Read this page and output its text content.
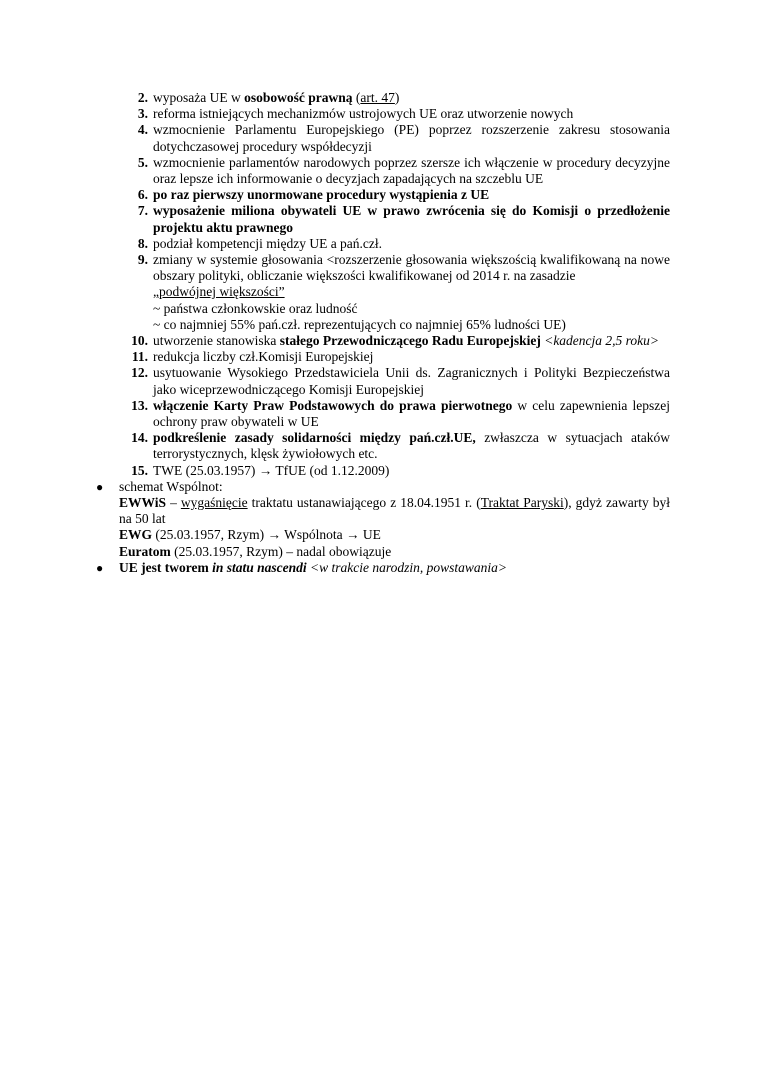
2. wyposaża UE w osobowość prawną (art. 47)
3. reforma istniejących mechanizmów ustrojowych UE oraz utworzenie nowych
4. wzmocnienie Parlamentu Europejskiego (PE) poprzez rozszerzenie zakresu stosowania dotychczasowej procedury współdecyzji
5. wzmocnienie parlamentów narodowych poprzez szersze ich włączenie w procedury decyzyjne oraz lepsze ich informowanie o decyzjach zapadających na szczeblu UE
6. po raz pierwszy unormowane procedury wystąpienia z UE
7. wyposażenie miliona obywateli UE w prawo zwrócenia się do Komisji o przedłożenie projektu aktu prawnego
8. podział kompetencji między UE a pań.czł.
9. zmiany w systemie głosowania <rozszerzenie głosowania większością kwalifikowaną na nowe obszary polityki, obliczanie większości kwalifikowanej od 2014 r. na zasadzie
„podwójnej większości”
~ państwa członkowskie oraz ludność
~ co najmniej 55% pań.czł. reprezentujących co najmniej 65% ludności UE)
10. utworzenie stanowiska stałego Przewodniczącego Radu Europejskiej <kadencja 2,5 roku>
11. redukcja liczby czł.Komisji Europejskiej
12. usytuowanie Wysokiego Przedstawiciela Unii ds. Zagranicznych i Polityki Bezpieczeństwa jako wiceprzewodniczącego Komisji Europejskiej
13. włączenie Karty Praw Podstawowych do prawa pierwotnego w celu zapewnienia lepszej ochrony praw obywateli w UE
14. podkreślenie zasady solidarności między pań.czł.UE, zwłaszcza w sytuacjach ataków terrorystycznych, klęsk żywiołowych etc.
15. TWE (25.03.1957) → TfUE (od 1.12.2009)
● schemat Wspólnot:
EWWiS – wygaśnięcie traktatu ustanawiającego z 18.04.1951 r. (Traktat Paryski), gdyż zawarty był na 50 lat
EWG (25.03.1957, Rzym) → Wspólnota → UE
Euratom (25.03.1957, Rzym) – nadal obowiązuje
● UE jest tworem in statu nascendi <w trakcie narodzin, powstawania>
